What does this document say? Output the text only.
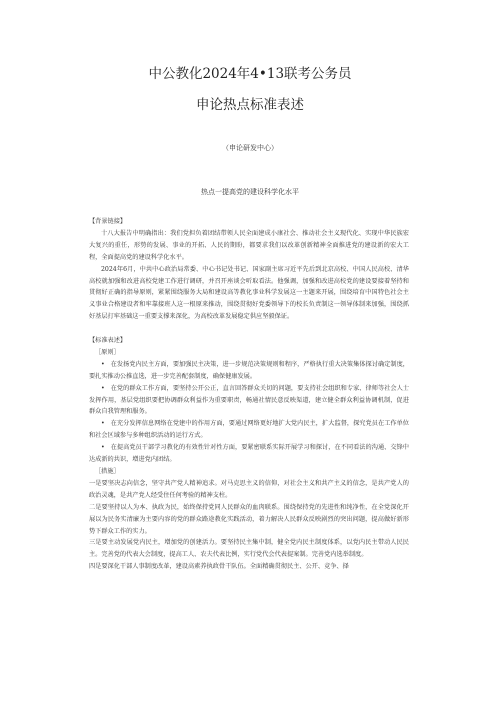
中公教化2024年4•13联考公务员
申论热点标准表述
（申论研发中心）
热点一提高党的建设科学化水平

【背景链接】

十八大报告中明确指出：我们党担负着团结带领人民全面建成小康社会、推动社会主义现代化、实现中华民族宏大复兴的重任，形势的发展、事业的开拓、人民的期盼，都要求我们以改革创新精神全面推进党的建设新的宏大工程，全面提高党的建设科学化水平。

2024年6月，中共中心政治局常委、中心书记处书记、国家副主席习近平先后到北京高校、中国人民高校、清华高校就加强和改进高校党建工作进行调研，并召开座谈会听取看法。他强调，加强和改进高校党的建设要接着坚持和贯彻好正确的指导原则，紧紧围绕服务大局和建设高等教化事业科学发展这一主题来开展，围绕培育中国特色社会主义事业合格建设者和牢靠接班人这一根原来推动，围绕贯彻好党委领导下的校长负责制这一领导体制来加强，围绕抓好基层打牢基础这一重要支撑来深化，为高校改革发展稳定供应坚毅保证。

【标准表述】

［原则］

• 在发扬党内民主方面，要加强民主决策，进一步规范决策规则和程序，严格执行重大决策集体探讨确定制度，要扎实推动公推直选，进一步完善配套制度，确保健康发展。

• 在党的群众工作方面，要坚持公开公正，直言回答群众关切的问题，要支持社会组织和专家、律师等社会人士发挥作用，基层党组织要把协调群众利益作为重要职责，畅通社情民意反映渠道，建立健全群众利益协调机制，促进群众自我管理和服务。

• 在充分发挥信息网络在党建中的作用方面，要通过网络更好地扩大党内民主，扩大监督，探究党员在工作单位和社会区域参与多种组织活动的运行方式。

• 在提高党员干部学习教化的有效性针对性方面，要紧密联系实际开展学习和探讨，在不同看法的沟通、交锋中达成新的共识，增进党内团结。

［措施］

一是要坚决志向信念，坚守共产党人精神追求。对马克思主义的信仰，对社会主义和共产主义的信念，是共产党人的政治灵魂，是共产党人经受住任何考验的精神支柱。

二是要坚持以人为本、执政为民，始终保持党同人民群众的血肉联系。围绕保持党的先进性和纯净性，在全党深化开展以为民务实清廉为主要内容的党的群众路途教化实践活动，着力解决人民群众反映剧烈的突出问题，提高做好新形势下群众工作的实力。

三是要主动发展党内民主，增加党的创建活力。要坚持民主集中制，健全党内民主制度体系，以党内民主带动人民民主。完善党的代表大会制度，提高工人、农夫代表比例，实行党代会代表提案制。完善党内选举制度。

四是要深化干部人事制度改革，建设高素养执政骨干队伍。全面精确贯彻民主、公开、竞争、择
